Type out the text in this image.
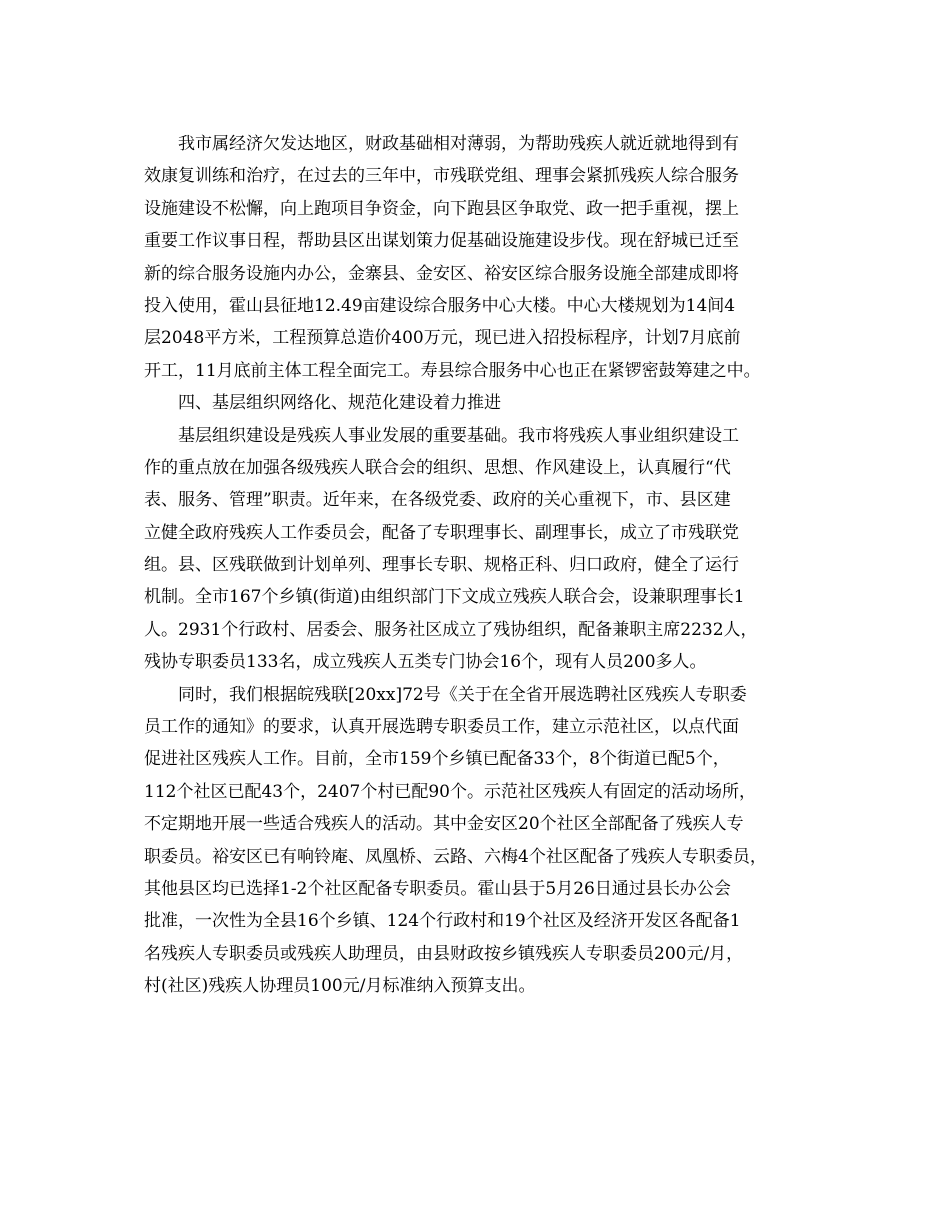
我市属经济欠发达地区，财政基础相对薄弱，为帮助残疾人就近就地得到有
效康复训练和治疗，在过去的三年中，市残联党组、理事会紧抓残疾人综合服务
设施建设不松懈，向上跑项目争资金，向下跑县区争取党、政一把手重视，摆上
重要工作议事日程，帮助县区出谋划策力促基础设施建设步伐。现在舒城已迁至
新的综合服务设施内办公，金寨县、金安区、裕安区综合服务设施全部建成即将
投入使用，霍山县征地12.49亩建设综合服务中心大楼。中心大楼规划为14间4
层2048平方米，工程预算总造价400万元，现已进入招投标程序，计划7月底前
开工，11月底前主体工程全面完工。寿县综合服务中心也正在紧锣密鼓筹建之中。
四、基层组织网络化、规范化建设着力推进
基层组织建设是残疾人事业发展的重要基础。我市将残疾人事业组织建设工
作的重点放在加强各级残疾人联合会的组织、思想、作风建设上，认真履行“代
表、服务、管理”职责。近年来，在各级党委、政府的关心重视下，市、县区建
立健全政府残疾人工作委员会，配备了专职理事长、副理事长，成立了市残联党
组。县、区残联做到计划单列、理事长专职、规格正科、归口政府，健全了运行
机制。全市167个乡镇(街道)由组织部门下文成立残疾人联合会，设兼职理事长1
人。2931个行政村、居委会、服务社区成立了残协组织，配备兼职主席2232人，
残协专职委员133名，成立残疾人五类专门协会16个，现有人员200多人。
同时，我们根据皖残联[20xx]72号《关于在全省开展选聘社区残疾人专职委
员工作的通知》的要求，认真开展选聘专职委员工作，建立示范社区，以点代面
促进社区残疾人工作。目前，全市159个乡镇已配备33个，8个街道已配5个，
112个社区已配43个，2407个村已配90个。示范社区残疾人有固定的活动场所，
不定期地开展一些适合残疾人的活动。其中金安区20个社区全部配备了残疾人专
职委员。裕安区已有响铃庵、凤凰桥、云路、六梅4个社区配备了残疾人专职委员，
其他县区均已选择1-2个社区配备专职委员。霍山县于5月26日通过县长办公会
批准，一次性为全县16个乡镇、124个行政村和19个社区及经济开发区各配备1
名残疾人专职委员或残疾人助理员，由县财政按乡镇残疾人专职委员200元/月，
村(社区)残疾人协理员100元/月标准纳入预算支出。
